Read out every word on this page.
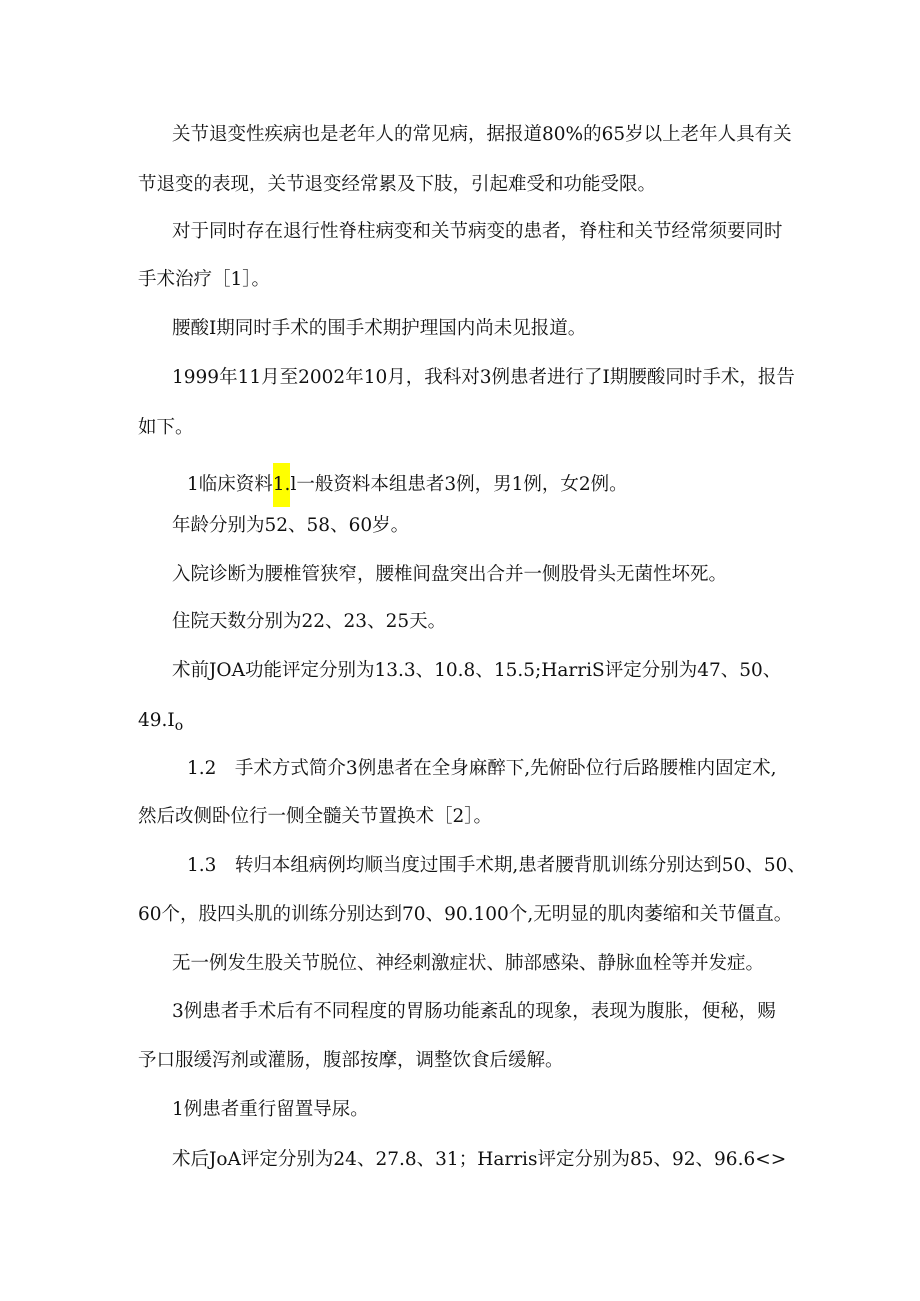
关节退变性疾病也是老年人的常见病，据报道80%的65岁以上老年人具有关
节退变的表现，关节退变经常累及下肢，引起难受和功能受限。
对于同时存在退行性脊柱病变和关节病变的患者，脊柱和关节经常须要同时
手术治疗［1］。
腰酸I期同时手术的围手术期护理国内尚未见报道。
1999年11月至2002年10月，我科对3例患者进行了I期腰酸同时手术，报告
如下。
1临床资料1.l一般资料本组患者3例，男1例，女2例。
年龄分别为52、58、60岁。
入院诊断为腰椎管狭窄，腰椎间盘突出合并一侧股骨头无菌性坏死。
住院天数分别为22、23、25天。
术前JOA功能评定分别为13.3、10.8、15.5;HarriS评定分别为47、50、
$49.I_o$
1.2　手术方式简介3例患者在全身麻醉下,先俯卧位行后路腰椎内固定术,
然后改侧卧位行一侧全髓关节置换术［2］。
1.3　转归本组病例均顺当度过围手术期,患者腰背肌训练分别达到50、50、
60个，股四头肌的训练分别达到70、90.100个,无明显的肌肉萎缩和关节僵直。
无一例发生股关节脱位、神经刺激症状、肺部感染、静脉血栓等并发症。
3例患者手术后有不同程度的胃肠功能紊乱的现象，表现为腹胀，便秘，赐
予口服缓泻剂或灌肠，腹部按摩，调整饮食后缓解。
1例患者重行留置导尿。
术后JoA评定分别为24、27.8、31；Harris评定分别为85、92、96.6<>
